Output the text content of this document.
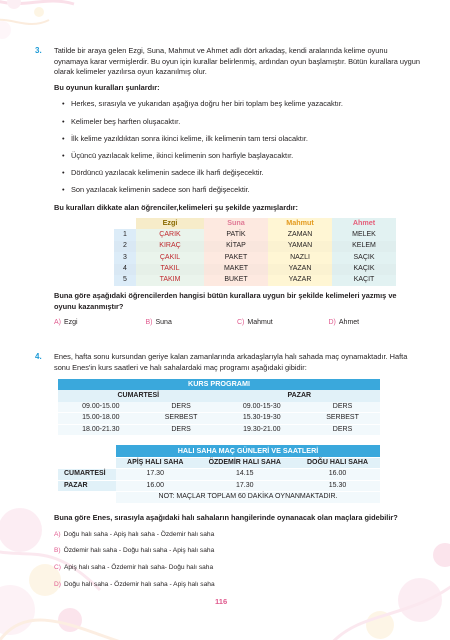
3.	Tatilde bir araya gelen Ezgi, Suna, Mahmut ve Ahmet adlı dört arkadaş, kendi aralarında kelime oyunu oynamaya karar vermişlerdir. Bu oyun için kurallar belirlenmiş, ardından oyun başlamıştır. Bütün kurallara uygun olarak kelimeler yazılırsa oyun kazanılmış olur.

Bu oyunun kuralları şunlardır:

• Herkes, sırasıyla ve yukarıdan aşağıya doğru her biri toplam beş kelime yazacaktır.
• Kelimeler beş harften oluşacaktır.
• İlk kelime yazıldıktan sonra ikinci kelime, ilk kelimenin tam tersi olacaktır.
• Üçüncü yazılacak kelime, ikinci kelimenin son harfiyle başlayacaktır.
• Dördüncü yazılacak kelimenin sadece ilk harfi değişecektir.
• Son yazılacak kelimenin sadece son harfi değişecektir.

Bu kuralları dikkate alan öğrenciler,kelimeleri şu şekilde yazmışlardır:

	Ezgi	Suna	Mahmut	Ahmet
1	ÇARIK	PATİK	ZAMAN	MELEK
2	KIRAÇ	KİTAP	YAMAN	KELEM
3	ÇAKIL	PAKET	NAZLI	SAÇIK
4	TAKIL	MAKET	YAZAN	KAÇIK
5	TAKIM	BUKET	YAZAR	KAÇIT

Buna göre aşağıdaki öğrencilerden hangisi bütün kurallara uygun bir şekilde kelimeleri yazmış ve oyunu kazanmıştır?

A) Ezgi	B) Suna	C) Mahmut	D) Ahmet
4.	Enes, hafta sonu kursundan geriye kalan zamanlarında arkadaşlarıyla halı sahada maç oynamaktadır. Hafta sonu Enes'in kurs saatleri ve halı sahalardaki maç programı aşağıdaki gibidir:

KURS PROGRAMI			
CUMARTESİ		PAZAR	
09.00-15.00	DERS	09.00-15-30	DERS
15.00-18.00	SERBEST	15.30-19-30	SERBEST
18.00-21.30	DERS	19.30-21.00	DERS
	HALI SAHA MAÇ GÜNLERİ VE SAATLERİ		
	APİŞ HALI SAHA	ÖZDEMİR HALI SAHA	DOĞU HALI SAHA
CUMARTESİ	17.30	14.15	16.00
PAZAR	16.00	17.30	15.30
	NOT: MAÇLAR TOPLAM 60 DAKİKA OYNANMAKTADIR.		

Buna göre Enes, sırasıyla aşağıdaki halı sahaların hangilerinde oynanacak olan maçlara gidebilir?

A) Doğu halı saha - Apiş halı saha - Özdemir halı saha
B) Özdemir halı saha - Doğu halı saha - Apiş halı saha
C) Apiş halı saha - Özdemir halı saha- Doğu halı saha
D) Doğu halı saha - Özdemir halı saha - Apiş halı saha
116
